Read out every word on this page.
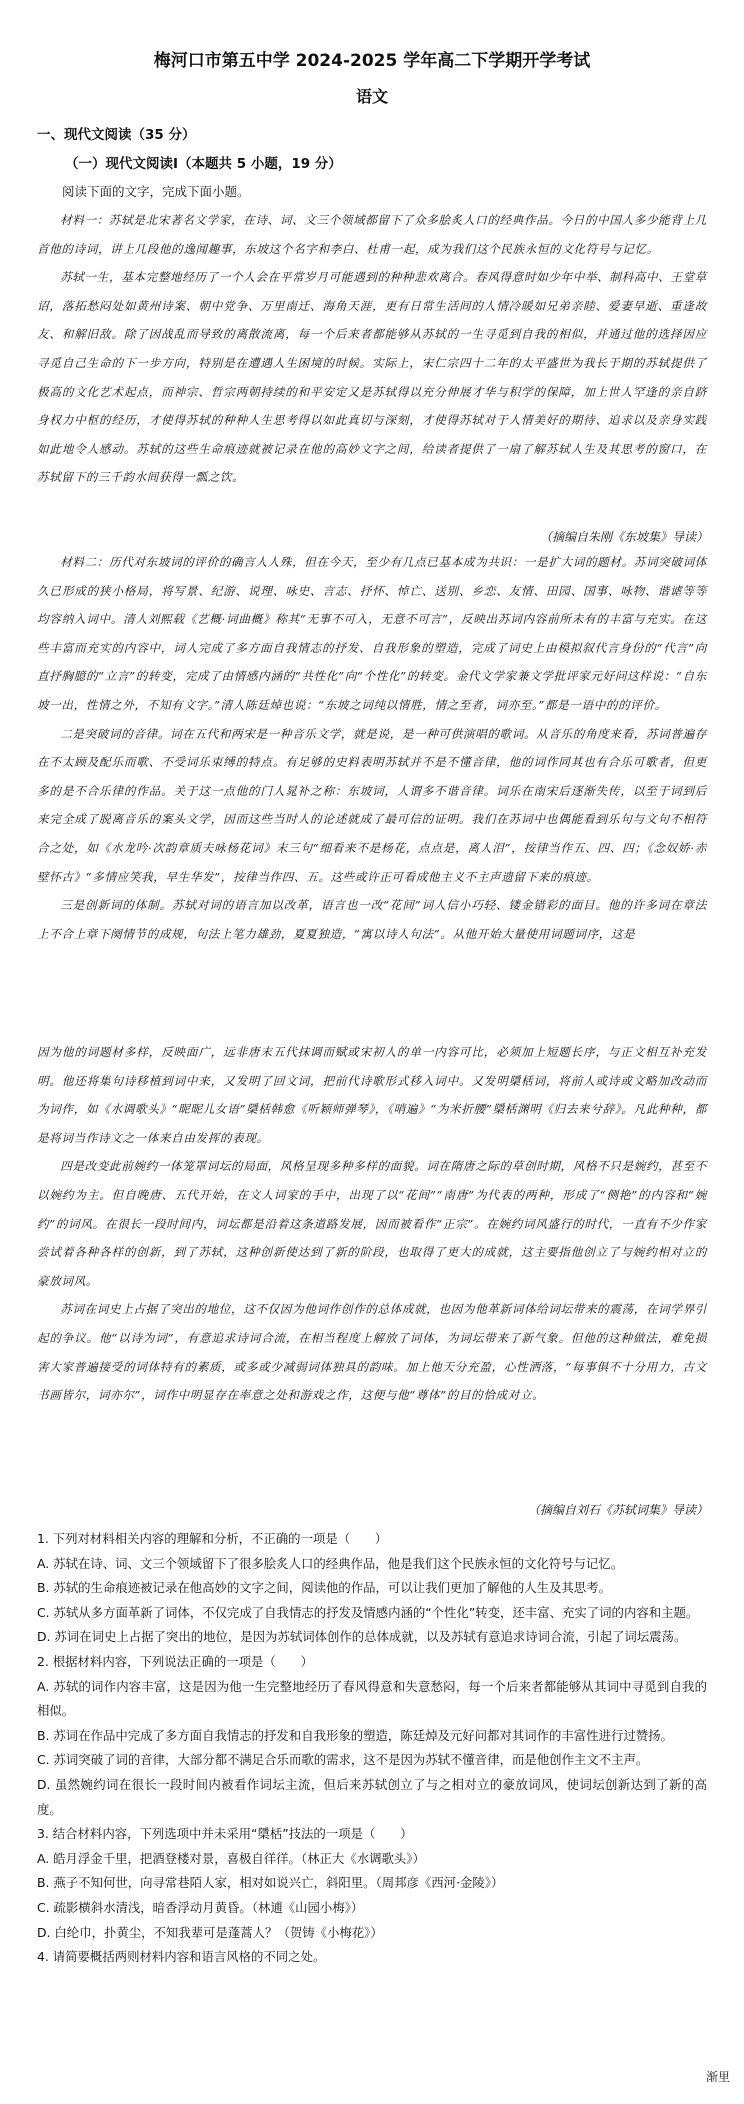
梅河口市第五中学 2024-2025 学年高二下学期开学考试
语文
一、现代文阅读（35 分）
（一）现代文阅读Ⅰ（本题共 5 小题，19 分）
阅读下面的文字，完成下面小题。

材料一：苏轼是北宋著名文学家，在诗、词、文三个领域都留下了众多脍炙人口的经典作品。今日的中国人多少能背上几首他的诗词，讲上几段他的逸闻趣事，东坡这个名字和李白、杜甫一起，成为我们这个民族永恒的文化符号与记忆。

苏轼一生，基本完整地经历了一个人会在平常岁月可能遇到的种种悲欢离合。春风得意时如少年中举、制科高中、王堂草诏，落拓愁闷处如黄州诗案、朝中党争、万里南迁、海角天涯，更有日常生活间的人情冷暖如兄弟亲睦、爱妻早逝、重逢故友、和解旧敌。除了因战乱而导致的离散流离，每一个后来者都能够从苏轼的一生寻觅到自我的相似，并通过他的选择因应寻觅自己生命的下一步方向，特别是在遭遇人生困境的时候。实际上，宋仁宗四十二年的太平盛世为我长于期的苏轼提供了极高的文化艺术起点，而神宗、哲宗两朝持续的和平安定又是苏轼得以充分伸展才华与积学的保障，加上世人罕逢的亲自跻身权力中枢的经历，才使得苏轼的种种人生思考得以如此真切与深刻，才使得苏轼对于人情美好的期待、追求以及亲身实践如此地令人感动。苏轼的这些生命痕迹就被记录在他的高妙文字之间，给读者提供了一扇了解苏轼人生及其思考的窗口，在苏轼留下的三千韵水间获得一瓢之饮。

（摘编自朱刚《东坡集》导读）

材料二：历代对东坡词的评价的确言人人殊，但在今天，至少有几点已基本成为共识：一是扩大词的题材。苏词突破词体久已形成的狭小格局，将写景、纪游、说理、咏史、言志、抒怀、悼亡、送别、乡恋、友情、田园、国事、咏物、谐谑等等均容纳入词中。清人刘熙载《艺概·词曲概》称其“无事不可入，无意不可言”，反映出苏词内容前所未有的丰富与充实。在这些丰富而充实的内容中，词人完成了多方面自我情志的抒发、自我形象的塑造，完成了词史上由模拟叙代言身份的“代言”向直抒胸臆的“立言”的转变，完成了由情感内涵的“共性化”向“个性化”的转变。金代文学家兼文学批评家元好问这样说：“自东坡一出，性情之外，不知有文字。”清人陈廷焯也说：“东坡之词纯以情胜，情之至者，词亦至。”都是一语中的的评价。

二是突破词的音律。词在五代和两宋是一种音乐文学，就是说，是一种可供演唱的歌词。从音乐的角度来看，苏词普遍存在不太顾及配乐而歌、不受词乐束缚的特点。有足够的史料表明苏轼并不是不懂音律，他的词作同其也有合乐可歌者，但更多的是不合乐律的作品。关于这一点他的门人晁补之称：东坡词，人谓多不谐音律。词乐在南宋后逐渐失传，以至于词到后来完全成了脱离音乐的案头文学，因而这些当时人的论述就成了最可信的证明。我们在苏词中也偶能看到乐句与文句不相符合之处，如《水龙吟·次韵章质夫咏杨花词》末三句“细看来不是杨花，点点是，离人泪”，按律当作五、四、四；《念奴娇·赤壁怀古》“多情应笑我，早生华发”，按律当作四、五。这些或许正可看成他主义不主声遗留下来的痕迹。

三是创新词的体制。苏轼对词的语言加以改革，语言也一改“花间”词人信小巧轻、镂金错彩的面目。他的许多词在章法上不合上章下阕情节的成规，句法上笔力雄劲，夏夏独造，“寓以诗人句法”。从他开始大量使用词题词序，这是

因为他的词题材多样，反映面广，远非唐末五代抹调而赋或宋初人的单一内容可比，必须加上短题长序，与正文相互补充发明。他还将集句诗移植到词中来，又发明了回文词，把前代诗歌形式移入词中。又发明檃栝词，将前人或诗或文略加改动而为词作，如《水调歌头》“昵昵儿女语”檃栝韩愈《听颖师弹琴》，《哨遍》“为米折腰”檃栝渊明《归去来兮辞》。凡此种种，都是将词当作诗文之一体来自由发挥的表现。

四是改变此前婉约一体笼罩词坛的局面，风格呈现多种多样的面貌。词在隋唐之际的草创时期，风格不只是婉约，甚至不以婉约为主。但自晚唐、五代开始，在文人词家的手中，出现了以“花间”“南唐”为代表的两种，形成了“侧艳”的内容和“婉约”的词风。在很长一段时间内，词坛都是沿着这条道路发展，因而被看作“正宗”。在婉约词风盛行的时代，一直有不少作家尝试着各种各样的创新，到了苏轼，这种创新使达到了新的阶段，也取得了更大的成就，这主要指他创立了与婉约相对立的豪放词风。

苏词在词史上占据了突出的地位，这不仅因为他词作创作的总体成就，也因为他革新词体给词坛带来的震荡，在词学界引起的争议。他“以诗为词”，有意追求诗词合流，在相当程度上解放了词体，为词坛带来了新气象。但他的这种做法，难免损害大家普遍接受的词体特有的素质，或多或少减弱词体独具的韵味。加上他天分充盈，心性洒落，“每事俱不十分用力，古文书画皆尔，词亦尔”，词作中明显存在率意之处和游戏之作，这便与他“尊体”的目的恰成对立。

（摘编自刘石《苏轼词集》导读）

1. 下列对材料相关内容的理解和分析，不正确的一项是（　　）

A. 苏轼在诗、词、文三个领域留下了很多脍炙人口的经典作品，他是我们这个民族永恒的文化符号与记忆。

B. 苏轼的生命痕迹被记录在他高妙的文字之间，阅读他的作品，可以让我们更加了解他的人生及其思考。

C. 苏轼从多方面革新了词体，不仅完成了自我情志的抒发及情感内涵的“个性化”转变，还丰富、充实了词的内容和主题。

D. 苏词在词史上占据了突出的地位，是因为苏轼词体创作的总体成就，以及苏轼有意追求诗词合流，引起了词坛震荡。

2. 根据材料内容，下列说法正确的一项是（　　）

A. 苏轼的词作内容丰富，这是因为他一生完整地经历了春风得意和失意愁闷，每一个后来者都能够从其词中寻觅到自我的相似。

B. 苏词在作品中完成了多方面自我情志的抒发和自我形象的塑造，陈廷焯及元好问都对其词作的丰富性进行过赞扬。

C. 苏词突破了词的音律，大部分都不满足合乐而歌的需求，这不是因为苏轼不懂音律，而是他创作主文不主声。

D. 虽然婉约词在很长一段时间内被看作词坛主流，但后来苏轼创立了与之相对立的豪放词风，使词坛创新达到了新的高度。

3. 结合材料内容，下列选项中并未采用“檃栝”技法的一项是（　　）

A. 皓月浮金千里，把酒登楼对景，喜极自徉徉。（林正大《水调歌头》）

B. 燕子不知何世，向寻常巷陌人家，相对如说兴亡，斜阳里。（周邦彦《西河·金陵》）

C. 疏影横斜水清浅，暗香浮动月黄昏。（林逋《山园小梅》）

D. 白纶巾，扑黄尘，不知我辈可是蓬蒿人？（贺铸《小梅花》）

4. 请简要概括两则材料内容和语言风格的不同之处。

渐里
